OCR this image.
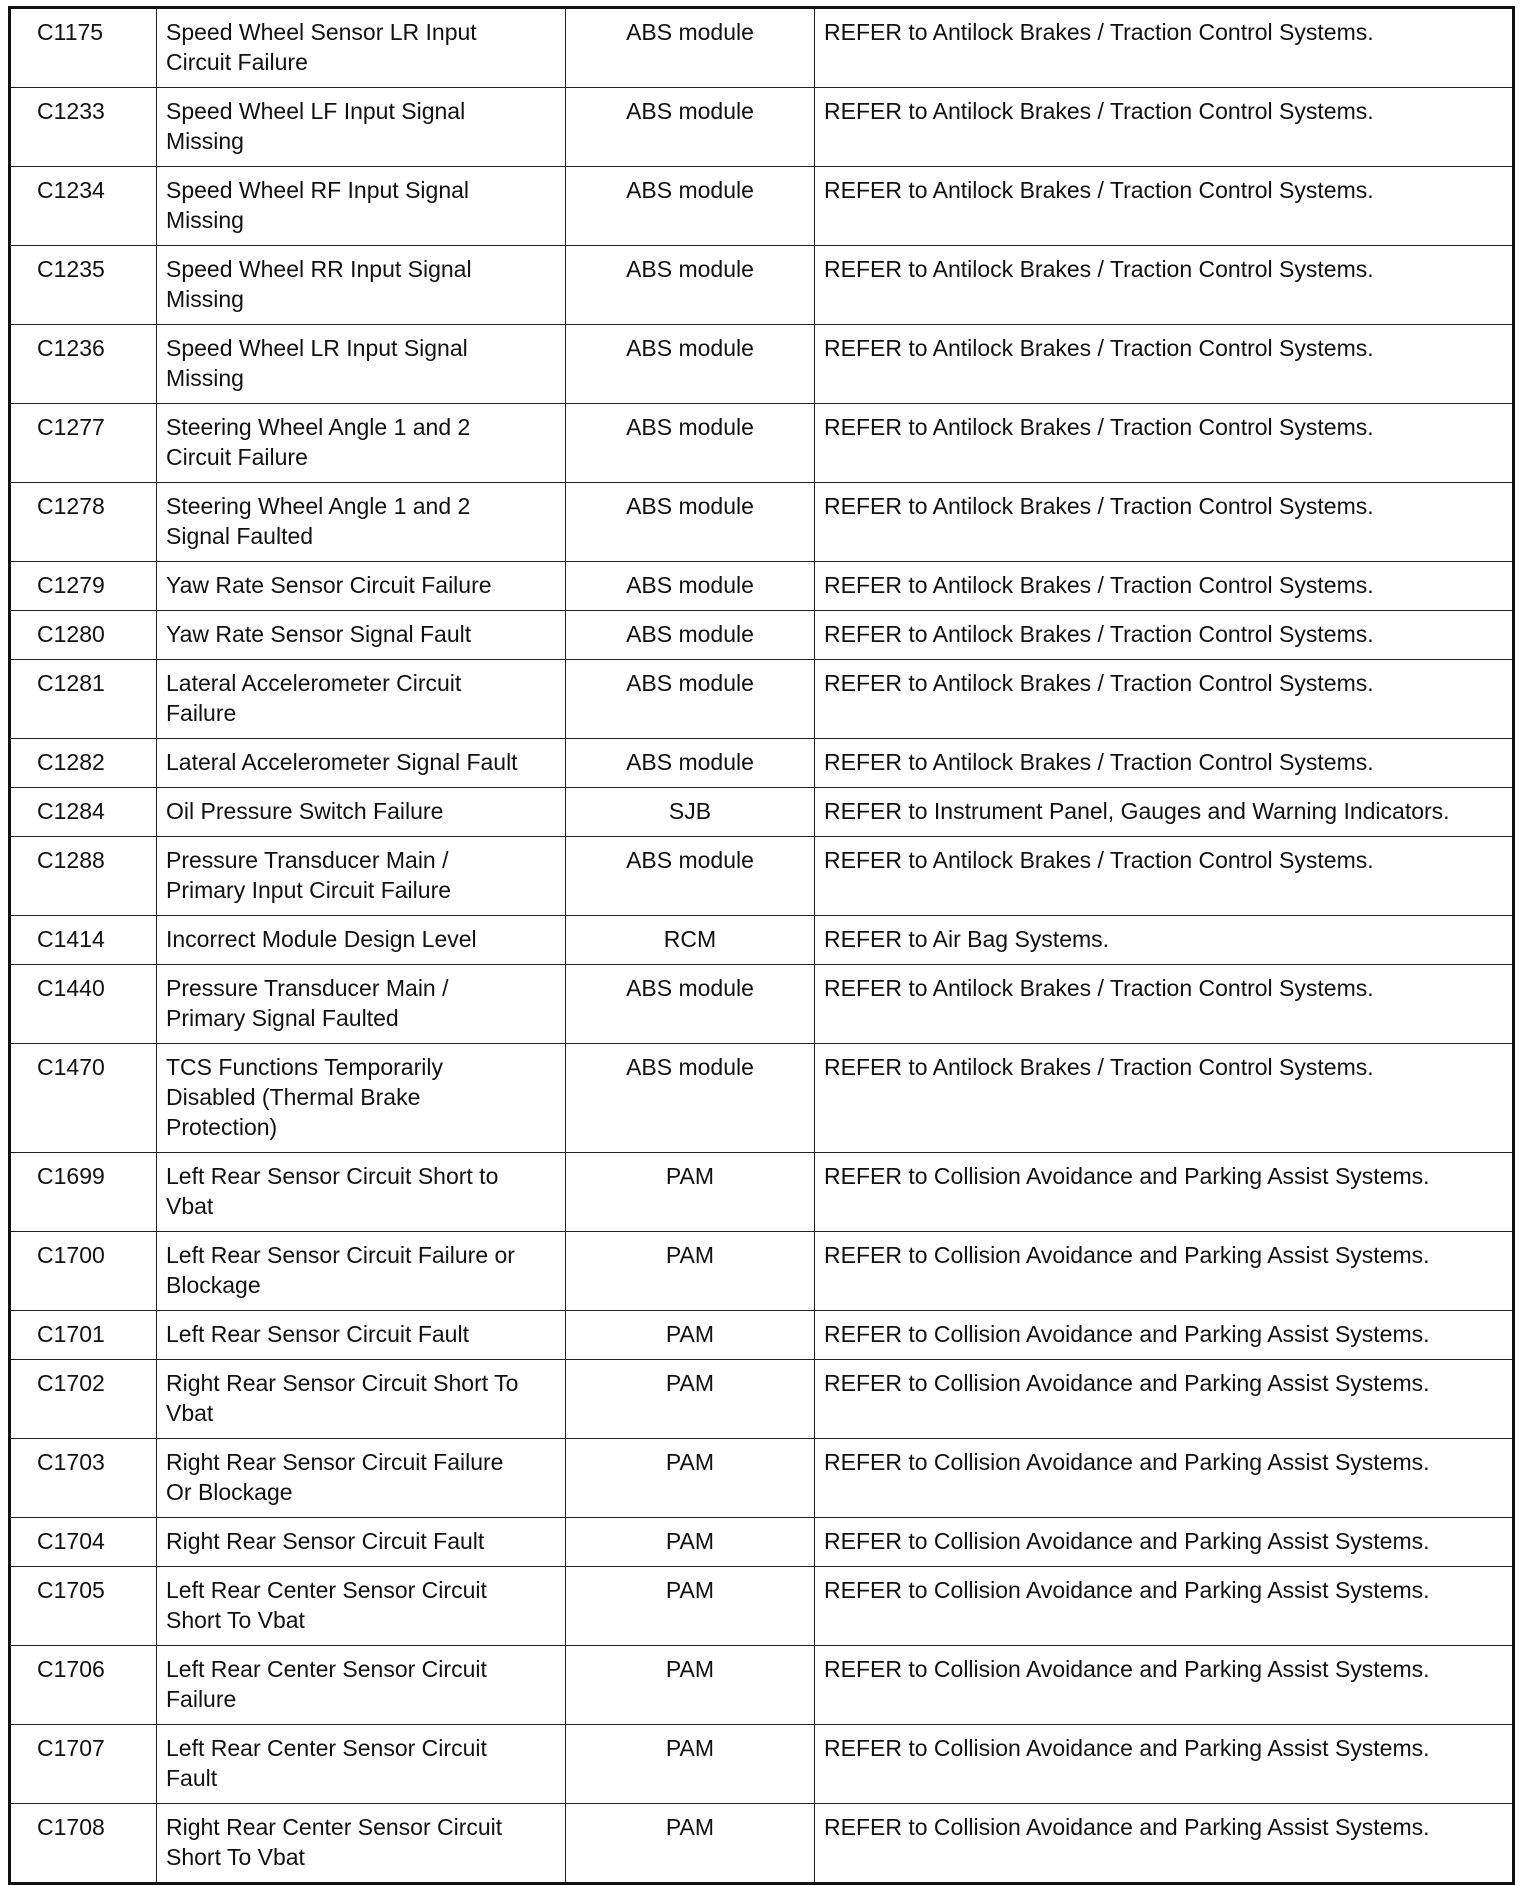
C1175	Speed Wheel Sensor LR Input
Circuit Failure	ABS module	REFER to Antilock Brakes / Traction Control Systems.
C1233	Speed Wheel LF Input Signal
Missing	ABS module	REFER to Antilock Brakes / Traction Control Systems.
C1234	Speed Wheel RF Input Signal
Missing	ABS module	REFER to Antilock Brakes / Traction Control Systems.
C1235	Speed Wheel RR Input Signal
Missing	ABS module	REFER to Antilock Brakes / Traction Control Systems.
C1236	Speed Wheel LR Input Signal
Missing	ABS module	REFER to Antilock Brakes / Traction Control Systems.
C1277	Steering Wheel Angle 1 and 2
Circuit Failure	ABS module	REFER to Antilock Brakes / Traction Control Systems.
C1278	Steering Wheel Angle 1 and 2
Signal Faulted	ABS module	REFER to Antilock Brakes / Traction Control Systems.
C1279	Yaw Rate Sensor Circuit Failure	ABS module	REFER to Antilock Brakes / Traction Control Systems.
C1280	Yaw Rate Sensor Signal Fault	ABS module	REFER to Antilock Brakes / Traction Control Systems.
C1281	Lateral Accelerometer Circuit
Failure	ABS module	REFER to Antilock Brakes / Traction Control Systems.
C1282	Lateral Accelerometer Signal Fault	ABS module	REFER to Antilock Brakes / Traction Control Systems.
C1284	Oil Pressure Switch Failure	SJB	REFER to Instrument Panel, Gauges and Warning Indicators.
C1288	Pressure Transducer Main /
Primary Input Circuit Failure	ABS module	REFER to Antilock Brakes / Traction Control Systems.
C1414	Incorrect Module Design Level	RCM	REFER to Air Bag Systems.
C1440	Pressure Transducer Main /
Primary Signal Faulted	ABS module	REFER to Antilock Brakes / Traction Control Systems.
C1470	TCS Functions Temporarily
Disabled (Thermal Brake
Protection)	ABS module	REFER to Antilock Brakes / Traction Control Systems.
C1699	Left Rear Sensor Circuit Short to
Vbat	PAM	REFER to Collision Avoidance and Parking Assist Systems.
C1700	Left Rear Sensor Circuit Failure or
Blockage	PAM	REFER to Collision Avoidance and Parking Assist Systems.
C1701	Left Rear Sensor Circuit Fault	PAM	REFER to Collision Avoidance and Parking Assist Systems.
C1702	Right Rear Sensor Circuit Short To
Vbat	PAM	REFER to Collision Avoidance and Parking Assist Systems.
C1703	Right Rear Sensor Circuit Failure
Or Blockage	PAM	REFER to Collision Avoidance and Parking Assist Systems.
C1704	Right Rear Sensor Circuit Fault	PAM	REFER to Collision Avoidance and Parking Assist Systems.
C1705	Left Rear Center Sensor Circuit
Short To Vbat	PAM	REFER to Collision Avoidance and Parking Assist Systems.
C1706	Left Rear Center Sensor Circuit
Failure	PAM	REFER to Collision Avoidance and Parking Assist Systems.
C1707	Left Rear Center Sensor Circuit
Fault	PAM	REFER to Collision Avoidance and Parking Assist Systems.
C1708	Right Rear Center Sensor Circuit
Short To Vbat	PAM	REFER to Collision Avoidance and Parking Assist Systems.
